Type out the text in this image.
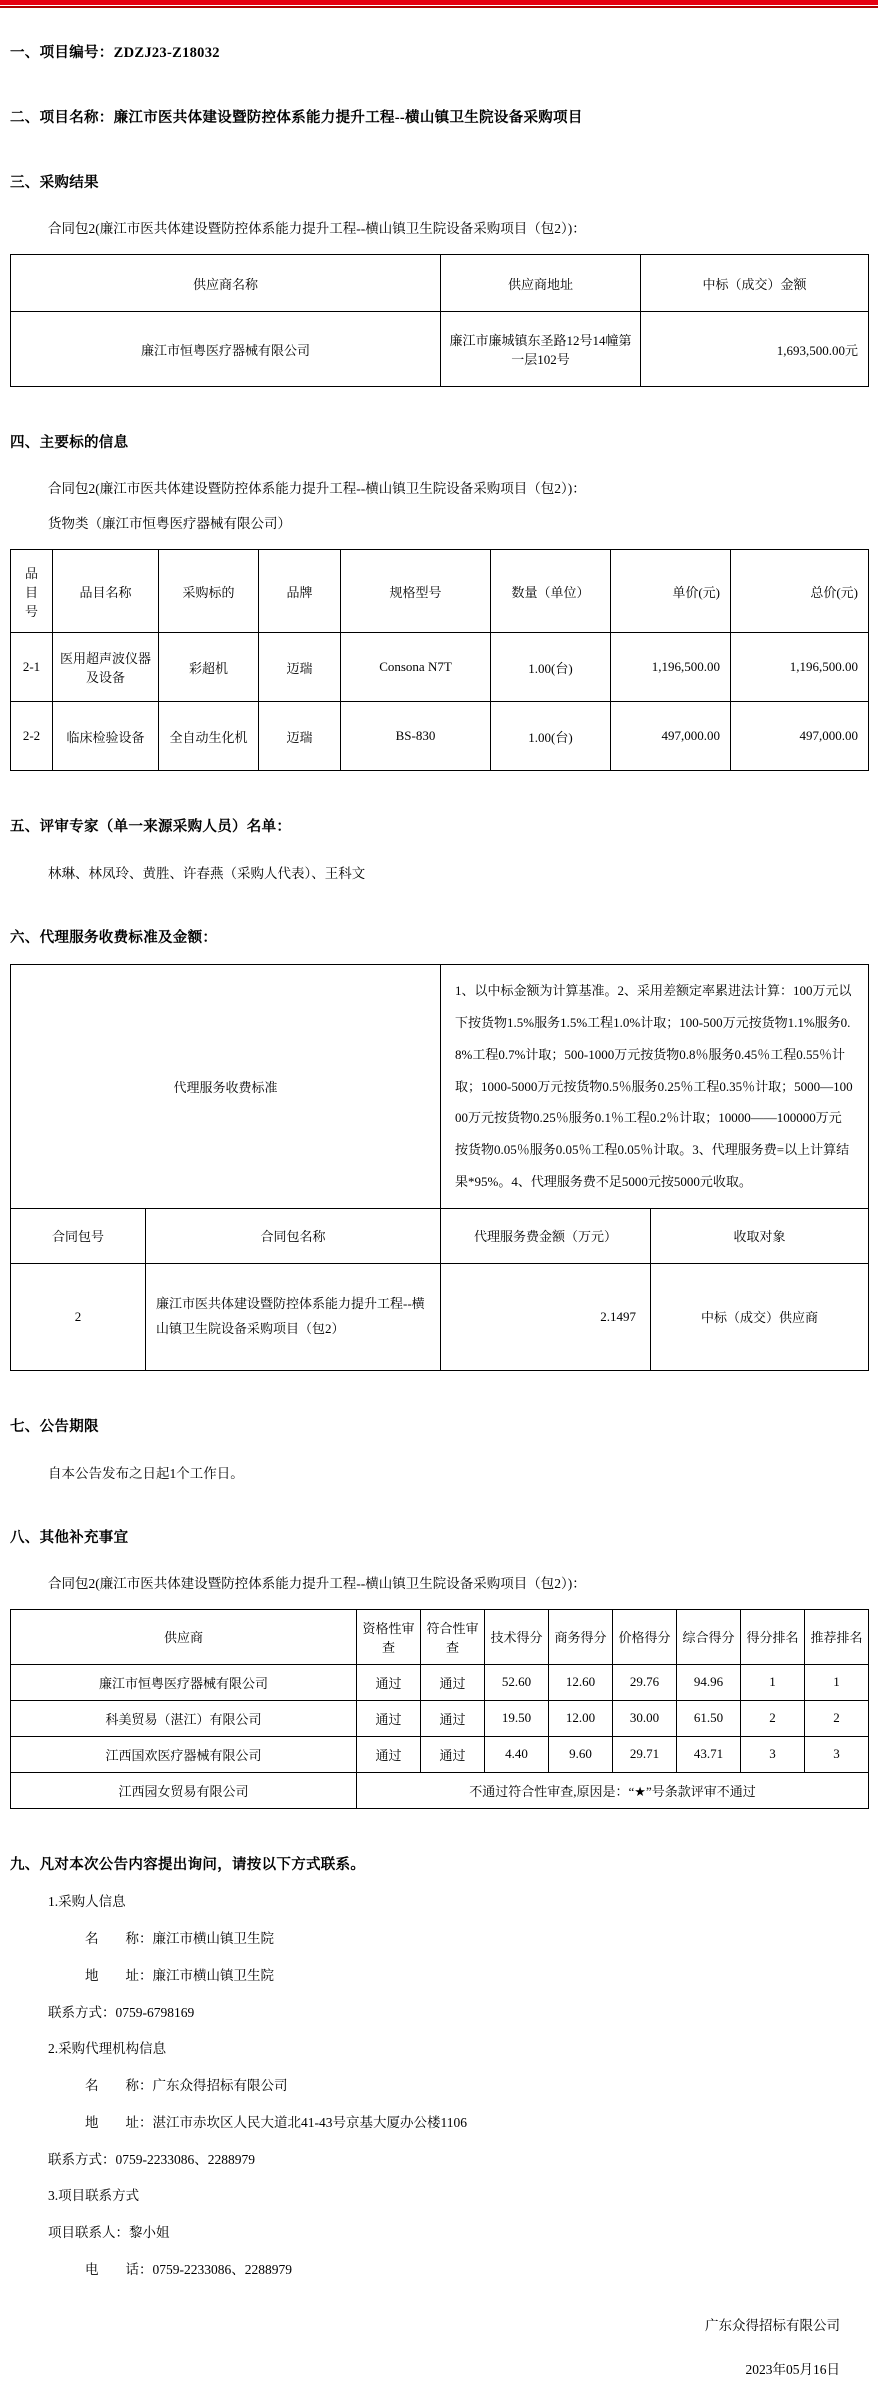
一、项目编号：ZDZJ23-Z18032
二、项目名称：廉江市医共体建设暨防控体系能力提升工程--横山镇卫生院设备采购项目
三、采购结果

合同包2(廉江市医共体建设暨防控体系能力提升工程--横山镇卫生院设备采购项目（包2）)：

供应商名称	供应商地址	中标（成交）金额
廉江市恒粤医疗器械有限公司	廉江市廉城镇东圣路12号14幢第一层102号	1,693,500.00元
四、主要标的信息

合同包2(廉江市医共体建设暨防控体系能力提升工程--横山镇卫生院设备采购项目（包2）)：

货物类（廉江市恒粤医疗器械有限公司）

品目号	品目名称	采购标的	品牌	规格型号	数量（单位）	单价(元)	总价(元)
2-1	医用超声波仪器及设备	彩超机	迈瑞	Consona N7T	1.00(台)	1,196,500.00	1,196,500.00
2-2	临床检验设备	全自动生化机	迈瑞	BS-830	1.00(台)	497,000.00	497,000.00
五、评审专家（单一来源采购人员）名单：

林琳、林凤玲、黄胜、许春燕（采购人代表）、王科文

六、代理服务收费标准及金额：
代理服务收费标准		1、以中标金额为计算基准。2、采用差额定率累进法计算：100万元以下按货物1.5%服务1.5%工程1.0%计取；100-500万元按货物1.1%服务0.8%工程0.7%计取；500-1000万元按货物0.8％服务0.45％工程0.55％计取；1000-5000万元按货物0.5％服务0.25％工程0.35％计取；5000—10000万元按货物0.25％服务0.1％工程0.2％计取；10000——100000万元按货物0.05％服务0.05％工程0.05％计取。3、代理服务费=以上计算结果*95%。4、代理服务费不足5000元按5000元收取。	
合同包号	合同包名称	代理服务费金额（万元）	收取对象
2	廉江市医共体建设暨防控体系能力提升工程--横山镇卫生院设备采购项目（包2）	2.1497	中标（成交）供应商
七、公告期限

自本公告发布之日起1个工作日。

八、其他补充事宜

合同包2(廉江市医共体建设暨防控体系能力提升工程--横山镇卫生院设备采购项目（包2）)：

供应商	资格性审查	符合性审查	技术得分	商务得分	价格得分	综合得分	得分排名	推荐排名
廉江市恒粤医疗器械有限公司	通过	通过	52.60	12.60	29.76	94.96	1	1
科美贸易（湛江）有限公司	通过	通过	19.50	12.00	30.00	61.50	2	2
江西国欢医疗器械有限公司	通过	通过	4.40	9.60	29.71	43.71	3	3
江西园女贸易有限公司	不通过符合性审查,原因是：“★”号条款评审不通过							
九、凡对本次公告内容提出询问，请按以下方式联系。

1.采购人信息

名　　称：廉江市横山镇卫生院

地　　址：廉江市横山镇卫生院

联系方式：0759-6798169

2.采购代理机构信息

名　　称：广东众得招标有限公司

地　　址：湛江市赤坎区人民大道北41-43号京基大厦办公楼1106

联系方式：0759-2233086、2288979

3.项目联系方式

项目联系人：黎小姐

电　　话：0759-2233086、2288979

广东众得招标有限公司
2023年05月16日
